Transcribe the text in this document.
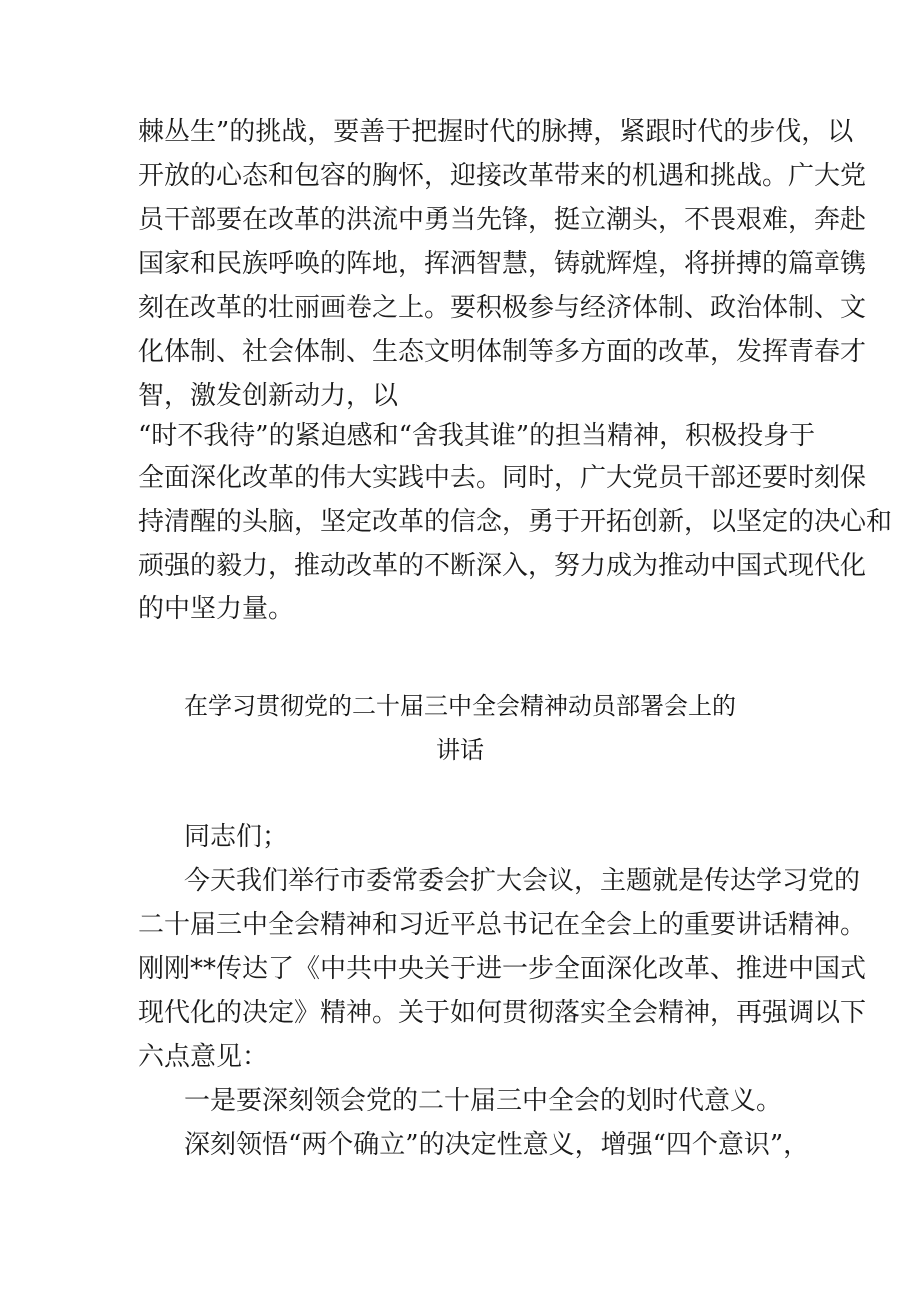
棘丛生”的挑战，要善于把握时代的脉搏，紧跟时代的步伐，以
开放的心态和包容的胸怀，迎接改革带来的机遇和挑战。广大党
员干部要在改革的洪流中勇当先锋，挺立潮头，不畏艰难，奔赴
国家和民族呼唤的阵地，挥洒智慧，铸就辉煌，将拼搏的篇章镌
刻在改革的壮丽画卷之上。要积极参与经济体制、政治体制、文
化体制、社会体制、生态文明体制等多方面的改革，发挥青春才
智，激发创新动力，以
“时不我待”的紧迫感和“舍我其谁”的担当精神，积极投身于
全面深化改革的伟大实践中去。同时，广大党员干部还要时刻保
持清醒的头脑，坚定改革的信念，勇于开拓创新，以坚定的决心和
顽强的毅力，推动改革的不断深入，努力成为推动中国式现代化
的中坚力量。
在学习贯彻党的二十届三中全会精神动员部署会上的
讲话
同志们；
今天我们举行市委常委会扩大会议，主题就是传达学习党的
二十届三中全会精神和习近平总书记在全会上的重要讲话精神。
刚刚**传达了《中共中央关于进一步全面深化改革、推进中国式
现代化的决定》精神。关于如何贯彻落实全会精神，再强调以下
六点意见：
一是要深刻领会党的二十届三中全会的划时代意义。
深刻领悟“两个确立”的决定性意义，增强“四个意识”，
